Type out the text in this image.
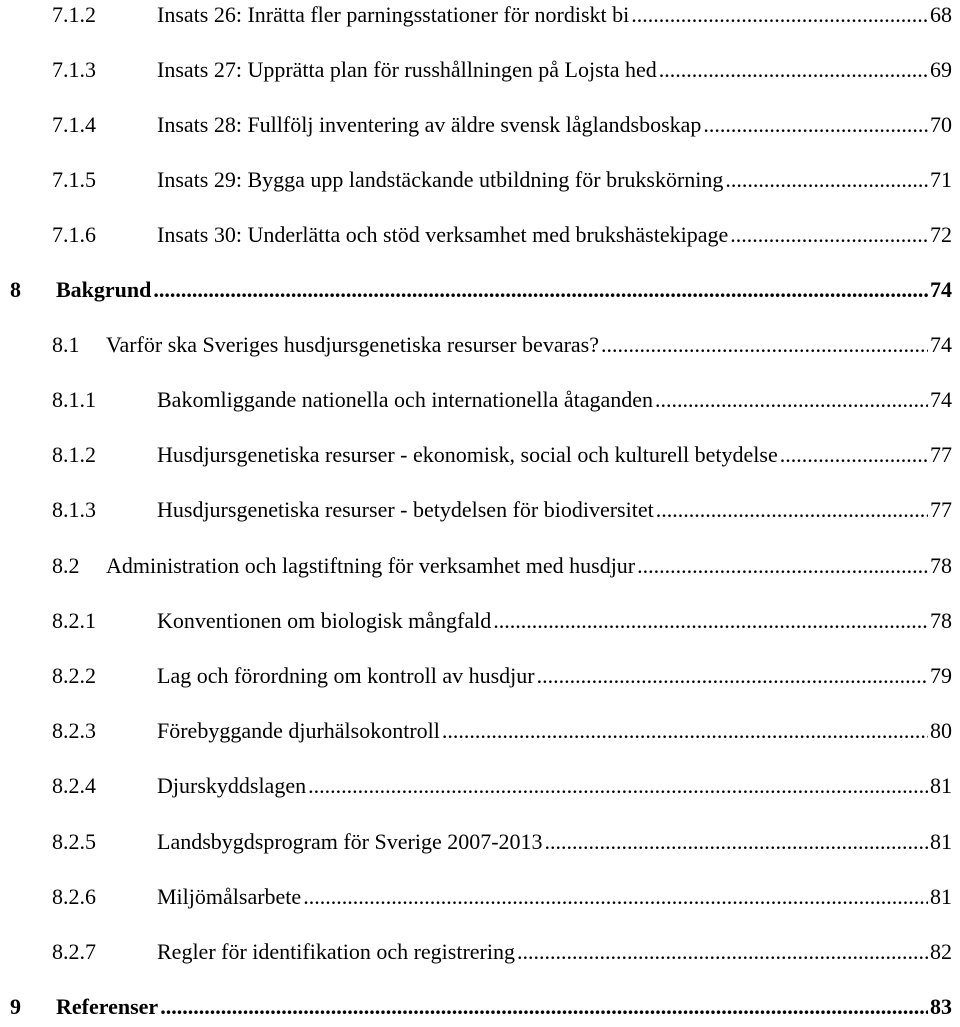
7.1.2	Insats 26: Inrätta fler parningsstationer för nordiskt bi .....	68
7.1.3	Insats 27: Upprätta plan för russhållningen på Lojsta hed .....	69
7.1.4	Insats 28: Fullfölj inventering av äldre svensk låglandsboskap .....	70
7.1.5	Insats 29: Bygga upp landstäckande utbildning för brukskörning .....	71
7.1.6	Insats 30: Underlätta och stöd verksamhet med brukshästekipage .....	72
8 Bakgrund .....	74
8.1 Varför ska Sveriges husdjursgenetiska resurser bevaras? .....	74
8.1.1	Bakomliggande nationella och internationella åtaganden .....	74
8.1.2	Husdjursgenetiska resurser - ekonomisk, social och kulturell betydelse .....	77
8.1.3	Husdjursgenetiska resurser - betydelsen för biodiversitet .....	77
8.2 Administration och lagstiftning för verksamhet med husdjur .....	78
8.2.1	Konventionen om biologisk mångfald .....	78
8.2.2	Lag och förordning om kontroll av husdjur .....	79
8.2.3	Förebyggande djurhälsokontroll .....	80
8.2.4	Djurskyddslagen .....	81
8.2.5	Landsbygdsprogram för Sverige 2007-2013 .....	81
8.2.6	Miljömålsarbete .....	81
8.2.7	Regler för identifikation och registrering .....	82
9 Referenser .....	83
